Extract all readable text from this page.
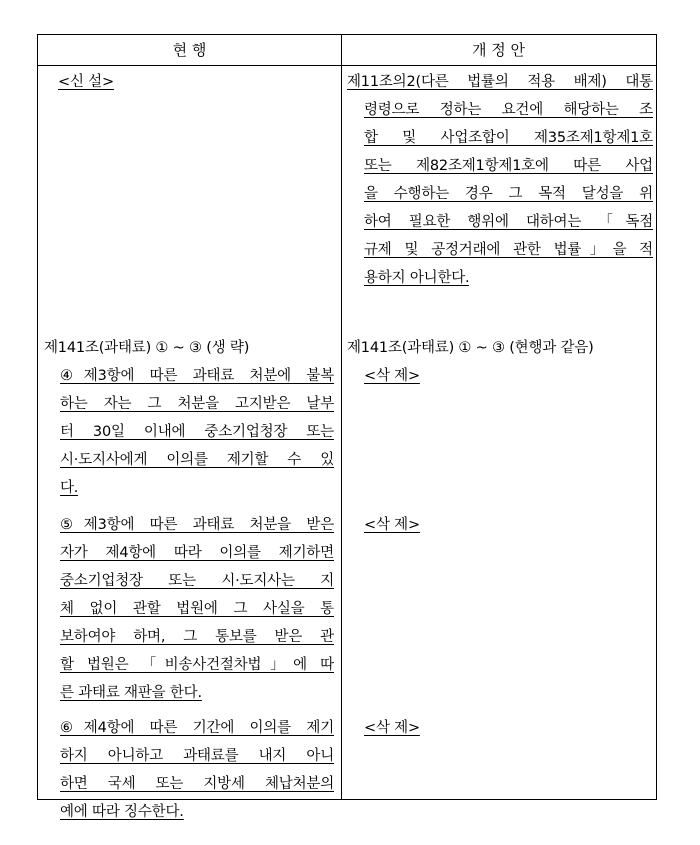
현 행	개 정 안
<신 설>
제141조(과태료) ① ~ ③ (생 략)
④제3항에 따른 과태료 처분에 불복
하는 자는 그 처분을 고지받은 날부
터 30일 이내에 중소기업청장 또는
시·도지사에게 이의를 제기할 수 있
다.
⑤제3항에 따른 과태료 처분을 받은
자가 제4항에 따라 이의를 제기하면
중소기업청장 또는 시·도지사는 지
체 없이 관할 법원에 그 사실을 통
보하여야 하며, 그 통보를 받은 관
할 법원은 「비송사건절차법」에 따
른 과태료 재판을 한다.
⑥제4항에 따른 기간에 이의를 제기
하지 아니하고 과태료를 내지 아니
하면 국세 또는 지방세 체납처분의
예에 따라 징수한다.
제11조의2(다른 법률의 적용 배제) 대통
령령으로 정하는 요건에 해당하는 조
합 및 사업조합이 제35조제1항제1호
또는 제82조제1항제1호에 따른 사업
을 수행하는 경우 그 목적 달성을 위
하여 필요한 행위에 대하여는 「독점
규제 및 공정거래에 관한 법률」을 적
용하지 아니한다.
제141조(과태료) ① ~ ③ (현행과 같음)
<삭 제>
<삭 제>
<삭 제>
